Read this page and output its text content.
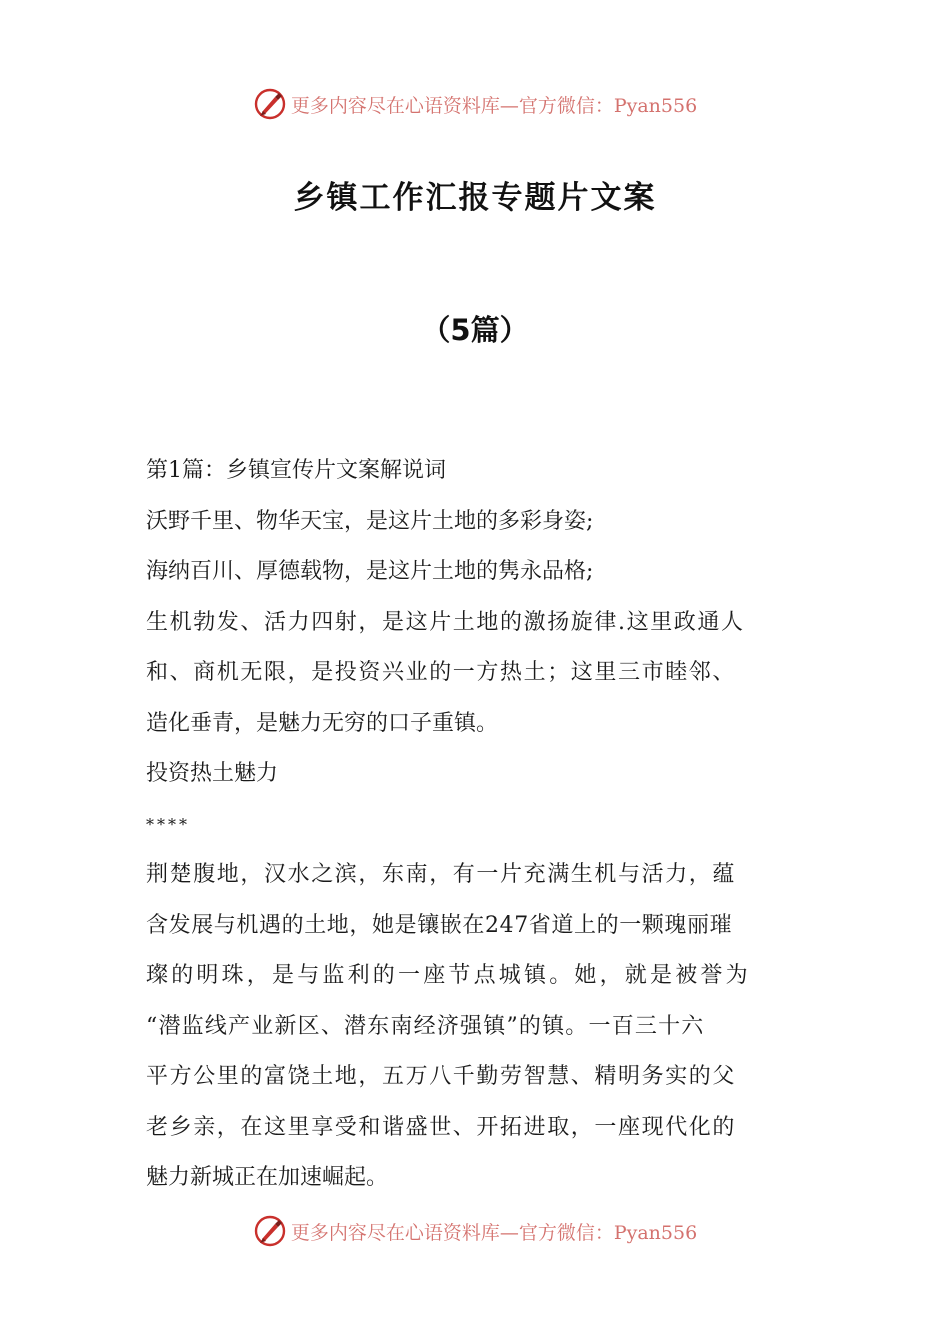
更多内容尽在心语资料库—官方微信：Pyan556
乡镇工作汇报专题片文案
（5篇）
第1篇：乡镇宣传片文案解说词
沃野千里、物华天宝，是这片土地的多彩身姿;
海纳百川、厚德载物，是这片土地的隽永品格;
生机勃发、活力四射，是这片土地的激扬旋律.这里政通人
和、商机无限，是投资兴业的一方热土；这里三市睦邻、
造化垂青，是魅力无穷的口子重镇。
投资热土魅力
****
荆楚腹地，汉水之滨，东南，有一片充满生机与活力，蕴
含发展与机遇的土地，她是镶嵌在247省道上的一颗瑰丽璀
璨的明珠，是与监利的一座节点城镇。她，就是被誉为
“潜监线产业新区、潜东南经济强镇”的镇。一百三十六
平方公里的富饶土地，五万八千勤劳智慧、精明务实的父
老乡亲，在这里享受和谐盛世、开拓进取，一座现代化的
魅力新城正在加速崛起。
更多内容尽在心语资料库—官方微信：Pyan556
